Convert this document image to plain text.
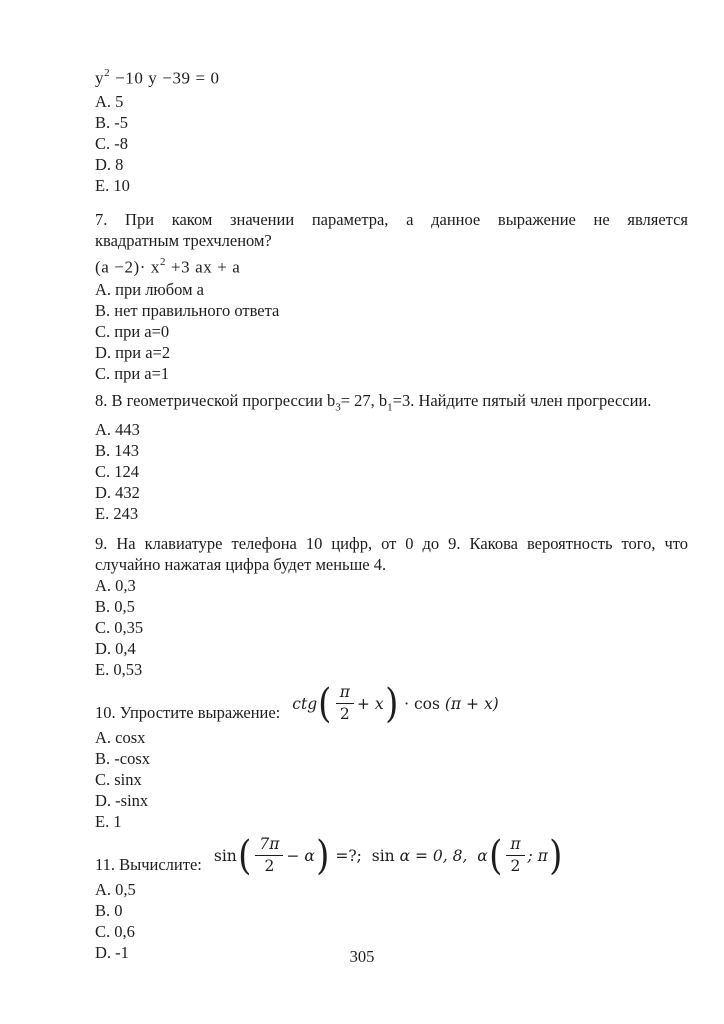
$y^2 -10$ y −39 = 0
A. 5
B. -5
C. -8
D. 8
E. 10
7. При каком значении параметра, а данное выражение не является
квадратным трехчленом?
$(a -2)\cdot x^2 +3$ ax + a
A. при любом a
B. нет правильного ответа
C. при a=0
D. при a=2
C. при a=1
8. В геометрической прогрессии $b_3= 27$, $b_1=3$. Найдите пятый член прогрессии.
A. 443
B. 143
C. 124
D. 432
E. 243
9. На клавиатуре телефона 10 цифр, от 0 до 9. Какова вероятность того, что
случайно нажатая цифра будет меньше 4.
A. 0,3
B. 0,5
C. 0,35
D. 0,4
E. 0,53
10. Упростите выражение: ctg ( $\frac{\pi}{2} + x$ ) · cos (π + x)
A. cosx
B. -cosx
C. sinx
D. -sinx
E. 1
11. Вычислите: sin ( $\frac{7\pi}{2} - \alpha$ ) =?; sin α = 0, 8,  α ( $\frac{\pi}{2}$ ; π )
A. 0,5
B. 0
C. 0,6
D. -1	305
